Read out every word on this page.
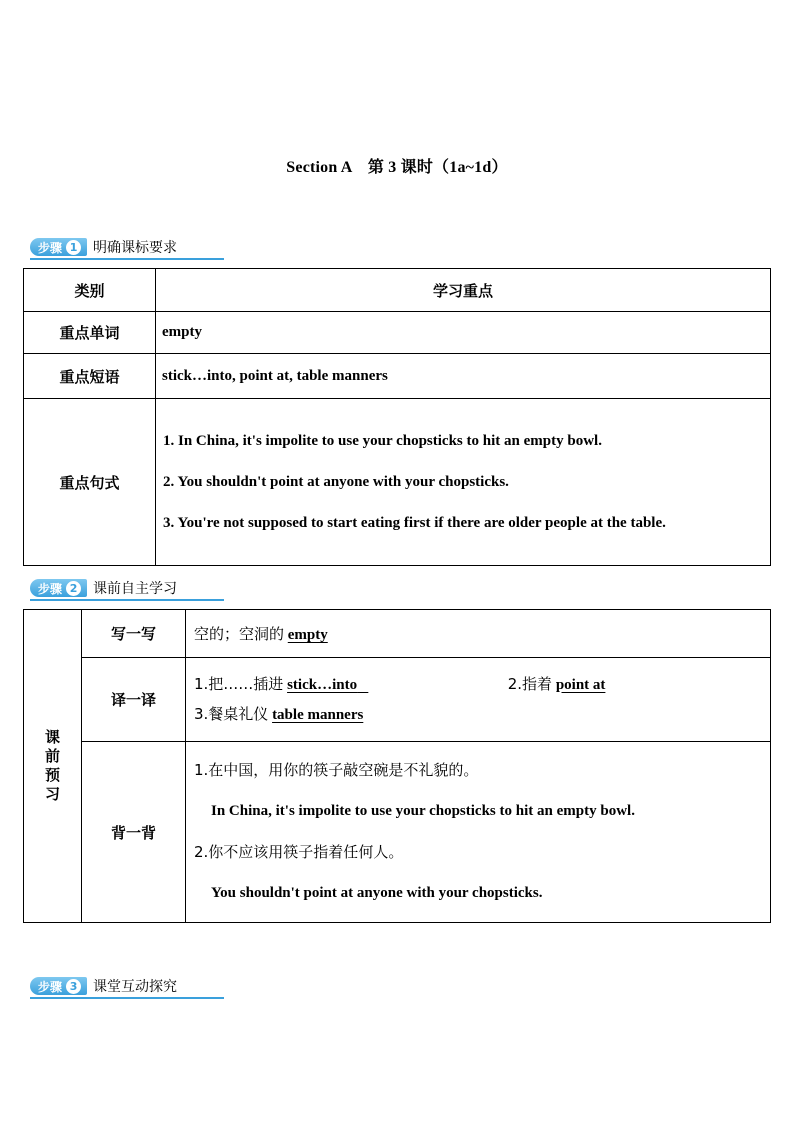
Section A　第 3 课时（1a~1d）
步骤 1 明确课标要求
类别	学习重点
重点单词	empty
重点短语	stick…into, point at, table manners
重点句式	1. In China, it's impolite to use your chopsticks to hit an empty bowl.

2. You shouldn't point at anyone with your chopsticks.

3. You're not supposed to start eating first if there are older people at the table.

步骤 2 课前自主学习
课
前
预
习	写一写	空的；空洞的 empty
	译一译	1.把……插进 stick…into 2.指着 point at
3.餐桌礼仪 table manners

	背一背	1.在中国，用你的筷子敲空碗是不礼貌的。
In China, it's impolite to use your chopsticks to hit an empty bowl.
2.你不应该用筷子指着任何人。
You shouldn't point at anyone with your chopsticks.
步骤 3 课堂互动探究
